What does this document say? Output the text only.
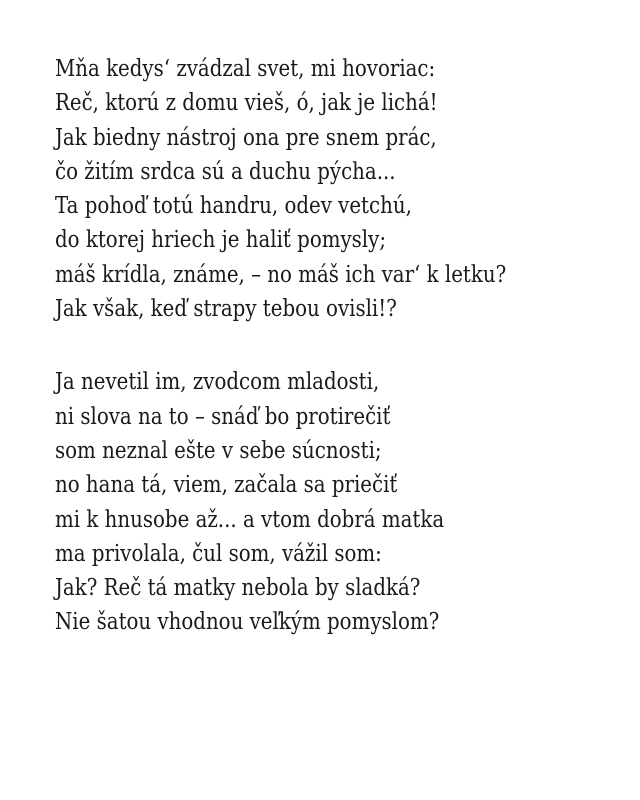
Mňa kedys‘ zvádzal svet, mi hovoriac:
Reč, ktorú z domu vieš, ó, jak je lichá!
Jak biedny nástroj ona pre snem prác,
čo žitím srdca sú a duchu pýcha...
Ta pohoď totú handru, odev vetchú,
do ktorej hriech je haliť pomysly;
máš krídla, známe, – no máš ich var‘ k letku?
Jak však, keď strapy tebou ovisli!?
Ja nevetil im, zvodcom mladosti,
ni slova na to – snáď bo protirečiť
som neznal ešte v sebe súcnosti;
no hana tá, viem, začala sa priečiť
mi k hnusobe až... a vtom dobrá matka
ma privolala, čul som, vážil som:
Jak? Reč tá matky nebola by sladká?
Nie šatou vhodnou veľkým pomyslom?
